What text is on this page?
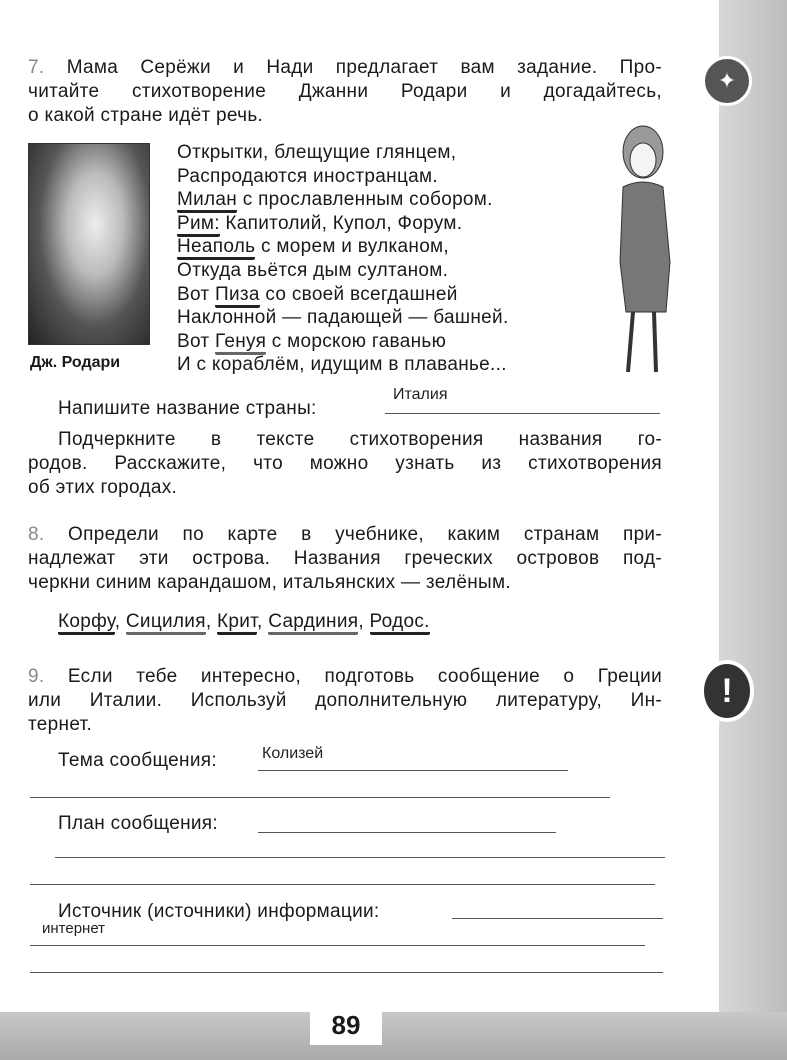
✦
!
7. Мама Серёжи и Нади предлагает вам задание. Про-
читайте стихотворение Джанни Родари и догадайтесь,
о какой стране идёт речь.
Дж. Родари
Открытки, блещущие глянцем,
Распродаются иностранцам.
Милан с прославленным собором.
Рим: Капитолий, Купол, Форум.
Неаполь с морем и вулканом,
Откуда вьётся дым султаном.
Вот Пиза со своей всегдашней
Наклонной — падающей — башней.
Вот Генуя с морскою гаванью
И с кораблём, идущим в плаванье...
Напишите название страны:
Италия
Подчеркните в тексте стихотворения названия го-
родов. Расскажите, что можно узнать из стихотворения
об этих городах.
8. Определи по карте в учебнике, каким странам при-
надлежат эти острова. Названия греческих островов под-
черкни синим карандашом, итальянских — зелёным.
Корфу, Сицилия, Крит, Сардиния, Родос.
9. Если тебе интересно, подготовь сообщение о Греции
или Италии. Используй дополнительную литературу, Ин-
тернет.
Тема сообщения:	Колизей
План сообщения:
Источник (источники) информации:
интернет
89
